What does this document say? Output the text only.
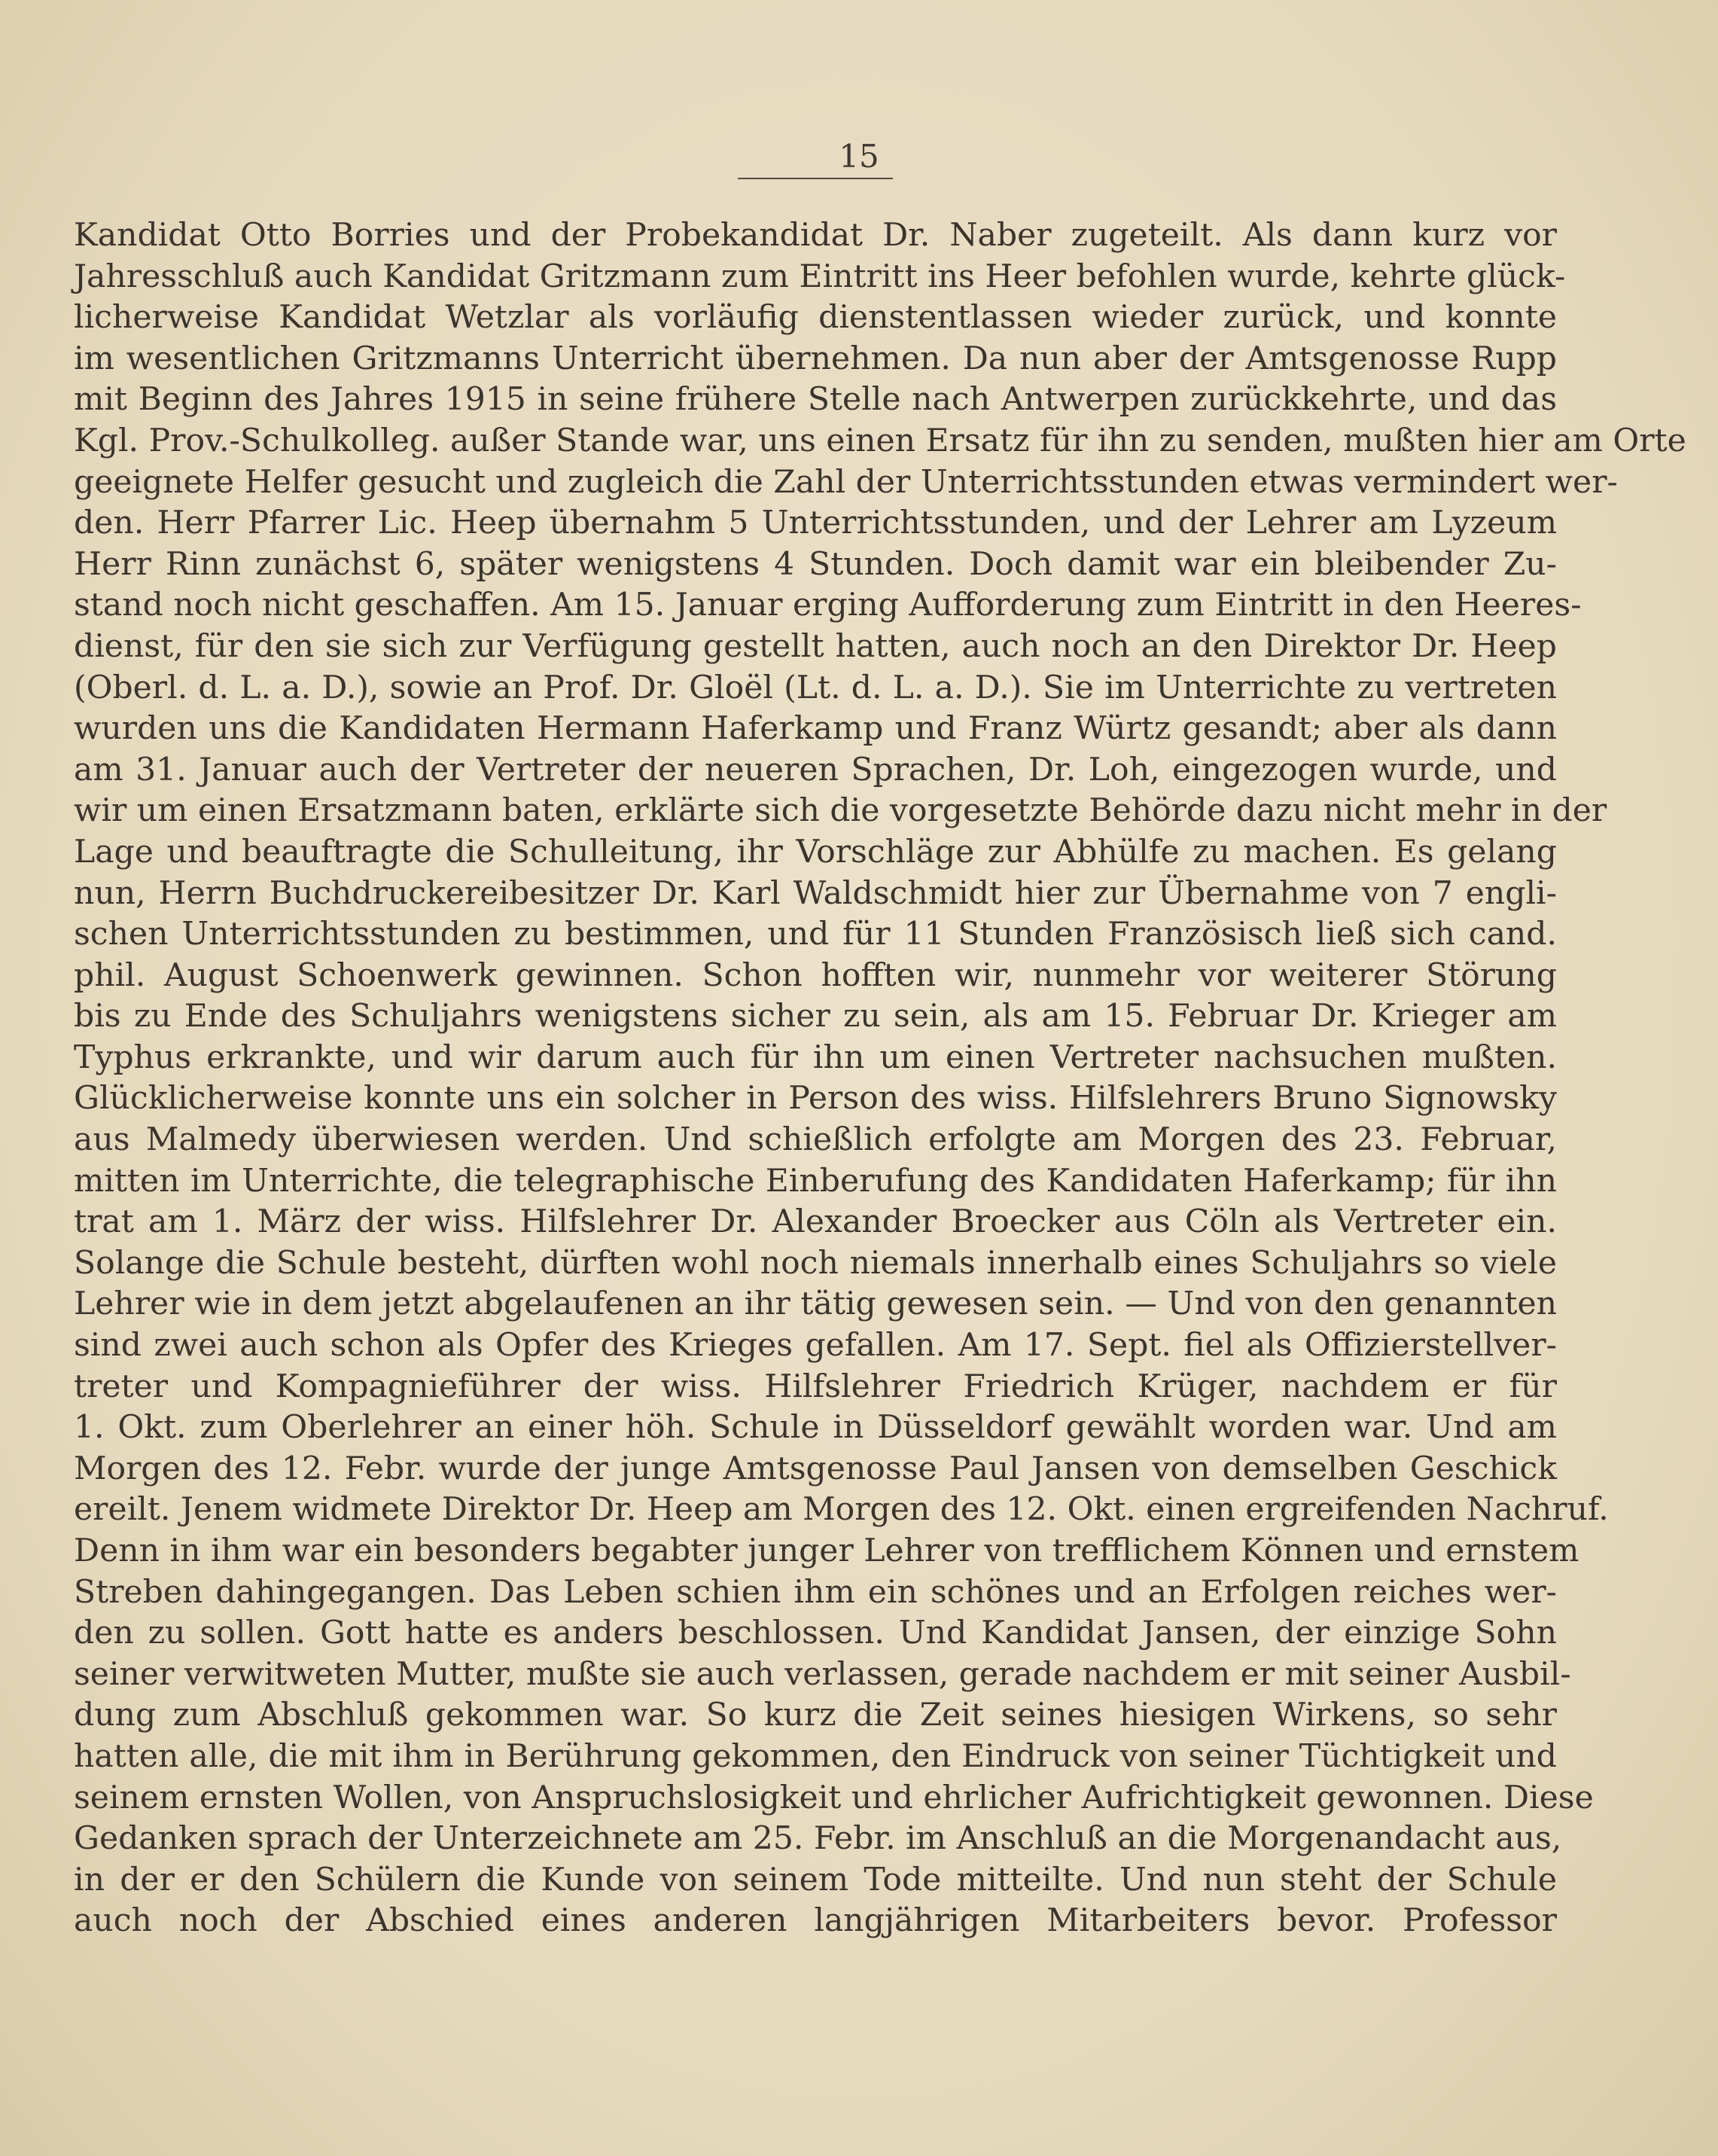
15
Kandidat Otto Borries und der Probekandidat Dr. Naber zugeteilt. Als dann kurz vor
Jahresschluß auch Kandidat Gritzmann zum Eintritt ins Heer befohlen wurde, kehrte glück-
licherweise Kandidat Wetzlar als vorläufig dienstentlassen wieder zurück, und konnte
im wesentlichen Gritzmanns Unterricht übernehmen. Da nun aber der Amtsgenosse Rupp
mit Beginn des Jahres 1915 in seine frühere Stelle nach Antwerpen zurückkehrte, und das
Kgl. Prov.-Schulkolleg. außer Stande war, uns einen Ersatz für ihn zu senden, mußten hier am Orte
geeignete Helfer gesucht und zugleich die Zahl der Unterrichtsstunden etwas vermindert wer-
den. Herr Pfarrer Lic. Heep übernahm 5 Unterrichtsstunden, und der Lehrer am Lyzeum
Herr Rinn zunächst 6, später wenigstens 4 Stunden. Doch damit war ein bleibender Zu-
stand noch nicht geschaffen. Am 15. Januar erging Aufforderung zum Eintritt in den Heeres-
dienst, für den sie sich zur Verfügung gestellt hatten, auch noch an den Direktor Dr. Heep
(Oberl. d. L. a. D.), sowie an Prof. Dr. Gloël (Lt. d. L. a. D.). Sie im Unterrichte zu vertreten
wurden uns die Kandidaten Hermann Haferkamp und Franz Würtz gesandt; aber als dann
am 31. Januar auch der Vertreter der neueren Sprachen, Dr. Loh, eingezogen wurde, und
wir um einen Ersatzmann baten, erklärte sich die vorgesetzte Behörde dazu nicht mehr in der
Lage und beauftragte die Schulleitung, ihr Vorschläge zur Abhülfe zu machen. Es gelang
nun, Herrn Buchdruckereibesitzer Dr. Karl Waldschmidt hier zur Übernahme von 7 engli-
schen Unterrichtsstunden zu bestimmen, und für 11 Stunden Französisch ließ sich cand.
phil. August Schoenwerk gewinnen. Schon hofften wir, nunmehr vor weiterer Störung
bis zu Ende des Schuljahrs wenigstens sicher zu sein, als am 15. Februar Dr. Krieger am
Typhus erkrankte, und wir darum auch für ihn um einen Vertreter nachsuchen mußten.
Glücklicherweise konnte uns ein solcher in Person des wiss. Hilfslehrers Bruno Signowsky
aus Malmedy überwiesen werden. Und schießlich erfolgte am Morgen des 23. Februar,
mitten im Unterrichte, die telegraphische Einberufung des Kandidaten Haferkamp; für ihn
trat am 1. März der wiss. Hilfslehrer Dr. Alexander Broecker aus Cöln als Vertreter ein.
Solange die Schule besteht, dürften wohl noch niemals innerhalb eines Schuljahrs so viele
Lehrer wie in dem jetzt abgelaufenen an ihr tätig gewesen sein. — Und von den genannten
sind zwei auch schon als Opfer des Krieges gefallen. Am 17. Sept. fiel als Offizierstellver-
treter und Kompagnieführer der wiss. Hilfslehrer Friedrich Krüger, nachdem er für
1. Okt. zum Oberlehrer an einer höh. Schule in Düsseldorf gewählt worden war. Und am
Morgen des 12. Febr. wurde der junge Amtsgenosse Paul Jansen von demselben Geschick
ereilt. Jenem widmete Direktor Dr. Heep am Morgen des 12. Okt. einen ergreifenden Nachruf.
Denn in ihm war ein besonders begabter junger Lehrer von trefflichem Können und ernstem
Streben dahingegangen. Das Leben schien ihm ein schönes und an Erfolgen reiches wer-
den zu sollen. Gott hatte es anders beschlossen. Und Kandidat Jansen, der einzige Sohn
seiner verwitweten Mutter, mußte sie auch verlassen, gerade nachdem er mit seiner Ausbil-
dung zum Abschluß gekommen war. So kurz die Zeit seines hiesigen Wirkens, so sehr
hatten alle, die mit ihm in Berührung gekommen, den Eindruck von seiner Tüchtigkeit und
seinem ernsten Wollen, von Anspruchslosigkeit und ehrlicher Aufrichtigkeit gewonnen. Diese
Gedanken sprach der Unterzeichnete am 25. Febr. im Anschluß an die Morgenandacht aus,
in der er den Schülern die Kunde von seinem Tode mitteilte. Und nun steht der Schule
auch noch der Abschied eines anderen langjährigen Mitarbeiters bevor. Professor
